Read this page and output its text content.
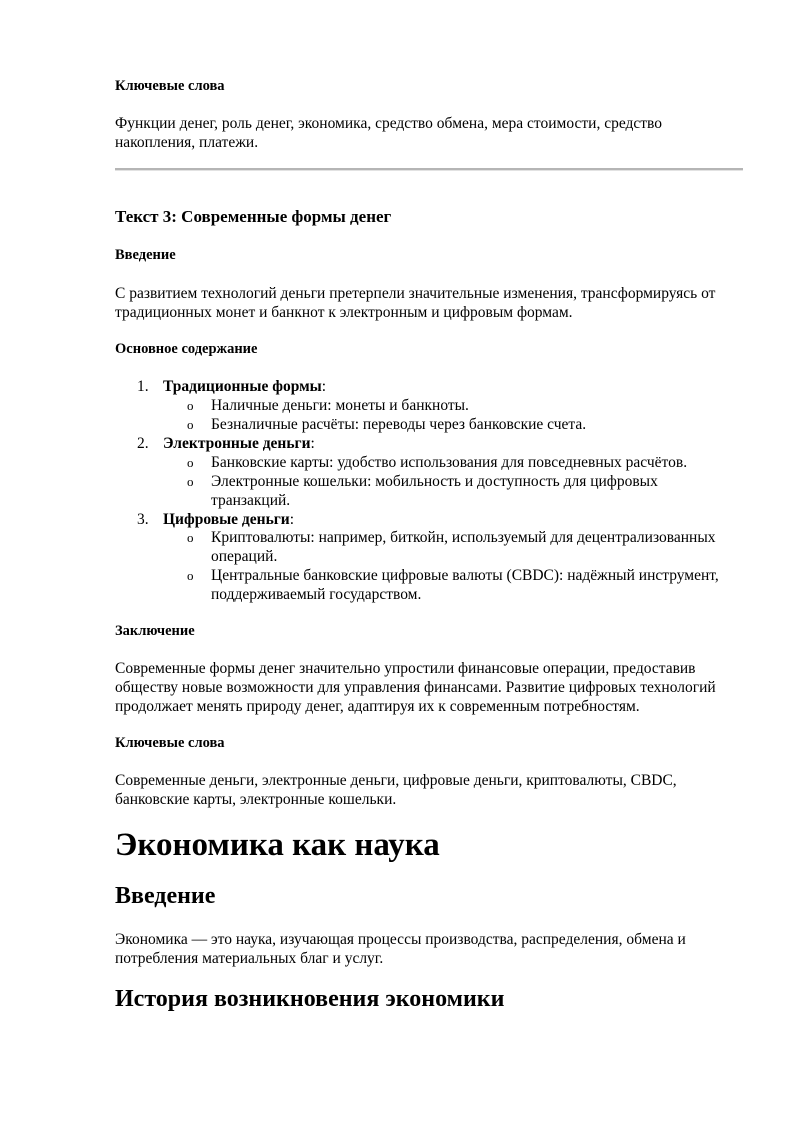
Ключевые слова
Функции денег, роль денег, экономика, средство обмена, мера стоимости, средство
накопления, платежи.
Текст 3: Современные формы денег
Введение
С развитием технологий деньги претерпели значительные изменения, трансформируясь от
традиционных монет и банкнот к электронным и цифровым формам.
Основное содержание
1. Традиционные формы:
o Наличные деньги: монеты и банкноты.
o Безналичные расчёты: переводы через банковские счета.
2. Электронные деньги:
o Банковские карты: удобство использования для повседневных расчётов.
o Электронные кошельки: мобильность и доступность для цифровых
транзакций.
3. Цифровые деньги:
o Криптовалюты: например, биткойн, используемый для децентрализованных
операций.
o Центральные банковские цифровые валюты (CBDC): надёжный инструмент,
поддерживаемый государством.
Заключение
Современные формы денег значительно упростили финансовые операции, предоставив
обществу новые возможности для управления финансами. Развитие цифровых технологий
продолжает менять природу денег, адаптируя их к современным потребностям.
Ключевые слова
Современные деньги, электронные деньги, цифровые деньги, криптовалюты, CBDC,
банковские карты, электронные кошельки.
Экономика как наука
Введение
Экономика — это наука, изучающая процессы производства, распределения, обмена и
потребления материальных благ и услуг.
История возникновения экономики
